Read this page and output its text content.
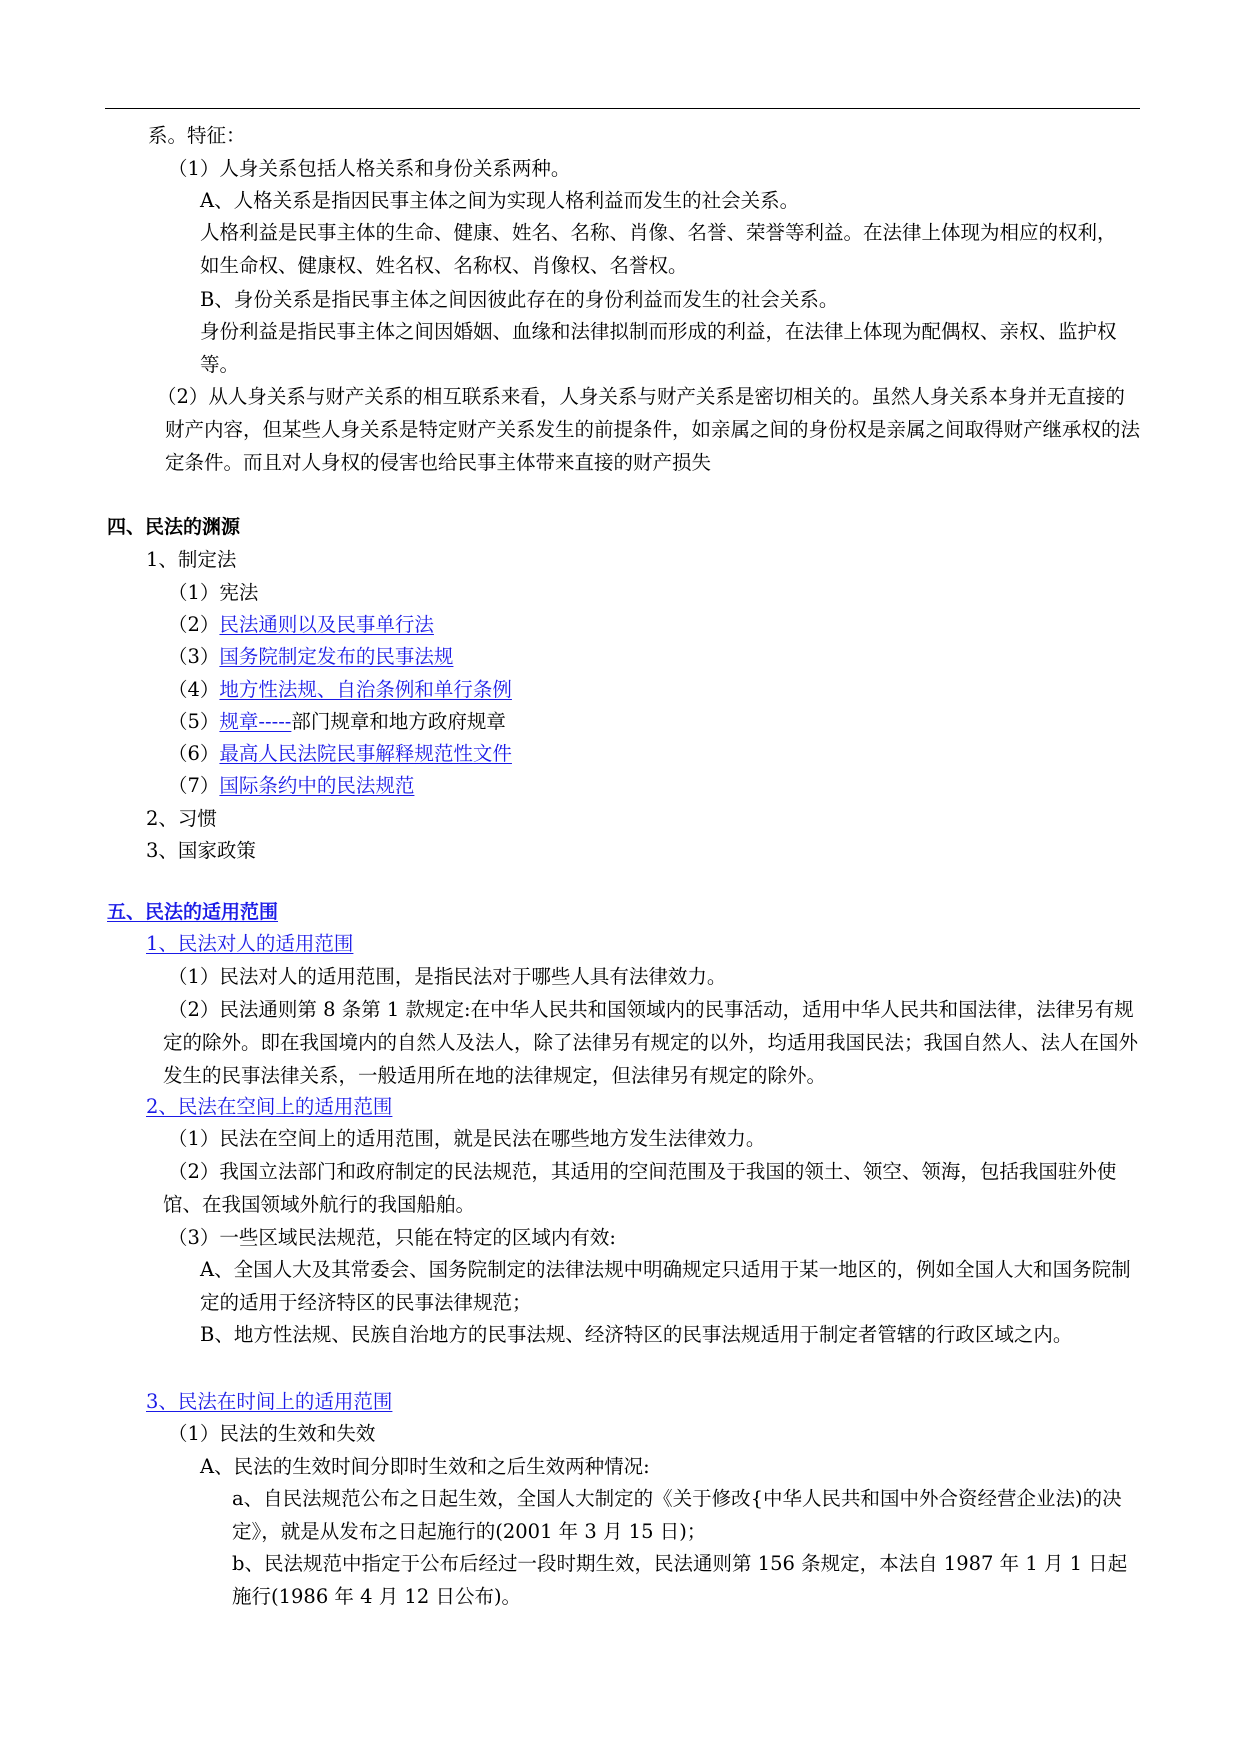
系。特征：
（1）人身关系包括人格关系和身份关系两种。
A、人格关系是指因民事主体之间为实现人格利益而发生的社会关系。
人格利益是民事主体的生命、健康、姓名、名称、肖像、名誉、荣誉等利益。在法律上体现为相应的权利，如生命权、健康权、姓名权、名称权、肖像权、名誉权。
B、身份关系是指民事主体之间因彼此存在的身份利益而发生的社会关系。
身份利益是指民事主体之间因婚姻、血缘和法律拟制而形成的利益，在法律上体现为配偶权、亲权、监护权等。
（2）从人身关系与财产关系的相互联系来看，人身关系与财产关系是密切相关的。虽然人身关系本身并无直接的财产内容，但某些人身关系是特定财产关系发生的前提条件，如亲属之间的身份权是亲属之间取得财产继承权的法定条件。而且对人身权的侵害也给民事主体带来直接的财产损失
四、民法的渊源
1、制定法
（1）宪法
（2）民法通则以及民事单行法
（3）国务院制定发布的民事法规
（4）地方性法规、自治条例和单行条例
（5）规章-----部门规章和地方政府规章
（6）最高人民法院民事解释规范性文件
（7）国际条约中的民法规范
2、习惯
3、国家政策
五、民法的适用范围
1、民法对人的适用范围
（1）民法对人的适用范围，是指民法对于哪些人具有法律效力。
（2）民法通则第 8 条第 1 款规定:在中华人民共和国领域内的民事活动，适用中华人民共和国法律，法律另有规定的除外。即在我国境内的自然人及法人，除了法律另有规定的以外，均适用我国民法；我国自然人、法人在国外发生的民事法律关系，一般适用所在地的法律规定，但法律另有规定的除外。
2、民法在空间上的适用范围
（1）民法在空间上的适用范围，就是民法在哪些地方发生法律效力。
（2）我国立法部门和政府制定的民法规范，其适用的空间范围及于我国的领土、领空、领海，包括我国驻外使馆、在我国领域外航行的我国船舶。
（3）一些区域民法规范，只能在特定的区域内有效:
A、全国人大及其常委会、国务院制定的法律法规中明确规定只适用于某一地区的，例如全国人大和国务院制定的适用于经济特区的民事法律规范；
B、地方性法规、民族自治地方的民事法规、经济特区的民事法规适用于制定者管辖的行政区域之内。
3、民法在时间上的适用范围
（1）民法的生效和失效
A、民法的生效时间分即时生效和之后生效两种情况:
a、自民法规范公布之日起生效，全国人大制定的《关于修改{中华人民共和国中外合资经营企业法)的决定》，就是从发布之日起施行的(2001 年 3 月 15 日)；
b、民法规范中指定于公布后经过一段时期生效，民法通则第 156 条规定，本法自 1987 年 1 月 1 日起施行(1986 年 4 月 12 日公布)。
